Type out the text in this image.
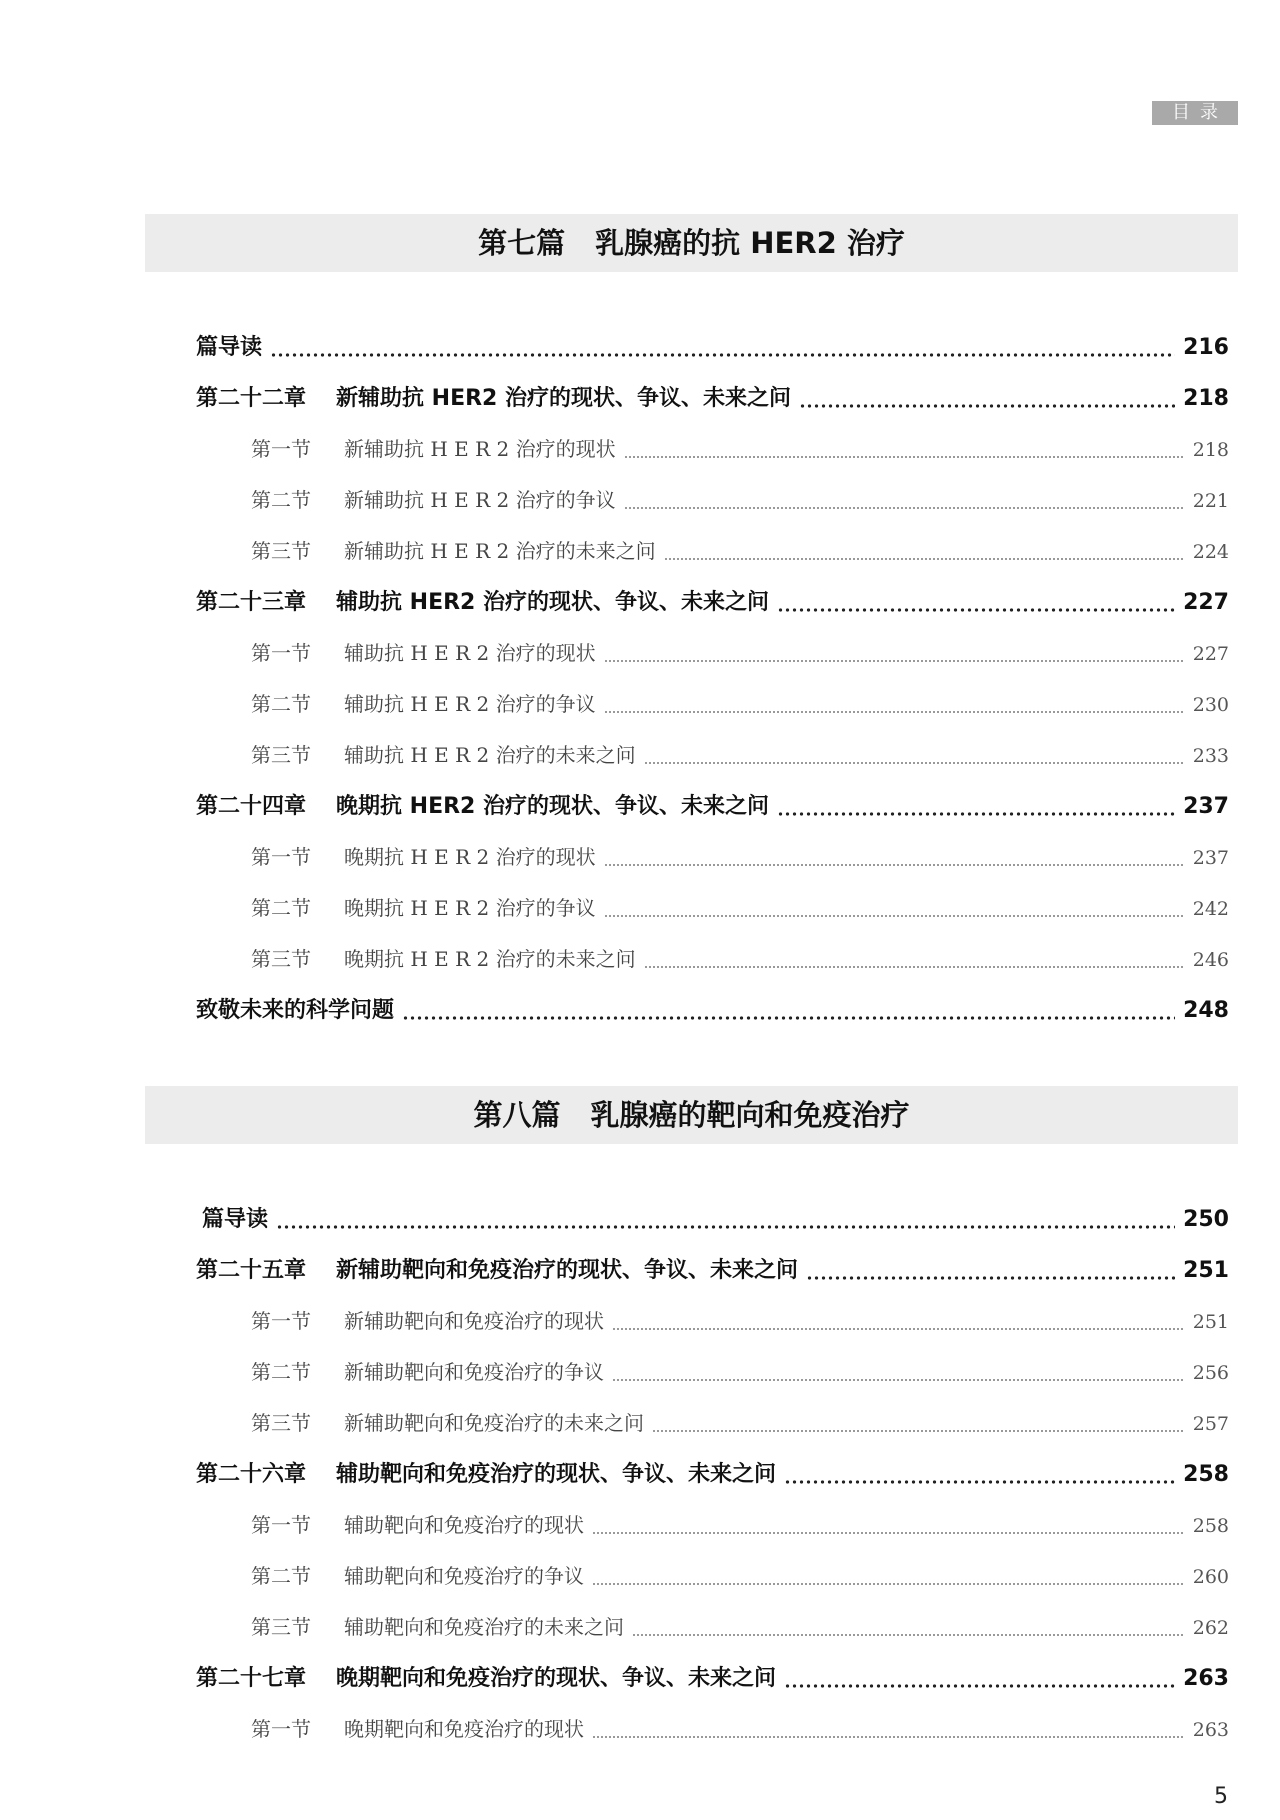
目录
第七篇 乳腺癌的抗 HER2 治疗
篇导读	216
第二十二章	新辅助抗 HER2 治疗的现状、争议、未来之问	218
第一节	新辅助抗 H E R 2 治疗的现状	218
第二节	新辅助抗 H E R 2 治疗的争议	221
第三节	新辅助抗 H E R 2 治疗的未来之问	224
第二十三章	辅助抗 HER2 治疗的现状、争议、未来之问	227
第一节	辅助抗 H E R 2 治疗的现状	227
第二节	辅助抗 H E R 2 治疗的争议	230
第三节	辅助抗 H E R 2 治疗的未来之问	233
第二十四章	晚期抗 HER2 治疗的现状、争议、未来之问	237
第一节	晚期抗 H E R 2 治疗的现状	237
第二节	晚期抗 H E R 2 治疗的争议	242
第三节	晚期抗 H E R 2 治疗的未来之问	246
致敬未来的科学问题	248
第八篇 乳腺癌的靶向和免疫治疗
篇导读	250
第二十五章	新辅助靶向和免疫治疗的现状、争议、未来之问	251
第一节	新辅助靶向和免疫治疗的现状	251
第二节	新辅助靶向和免疫治疗的争议	256
第三节	新辅助靶向和免疫治疗的未来之问	257
第二十六章	辅助靶向和免疫治疗的现状、争议、未来之问	258
第一节	辅助靶向和免疫治疗的现状	258
第二节	辅助靶向和免疫治疗的争议	260
第三节	辅助靶向和免疫治疗的未来之问	262
第二十七章	晚期靶向和免疫治疗的现状、争议、未来之问	263
第一节	晚期靶向和免疫治疗的现状	263
5
